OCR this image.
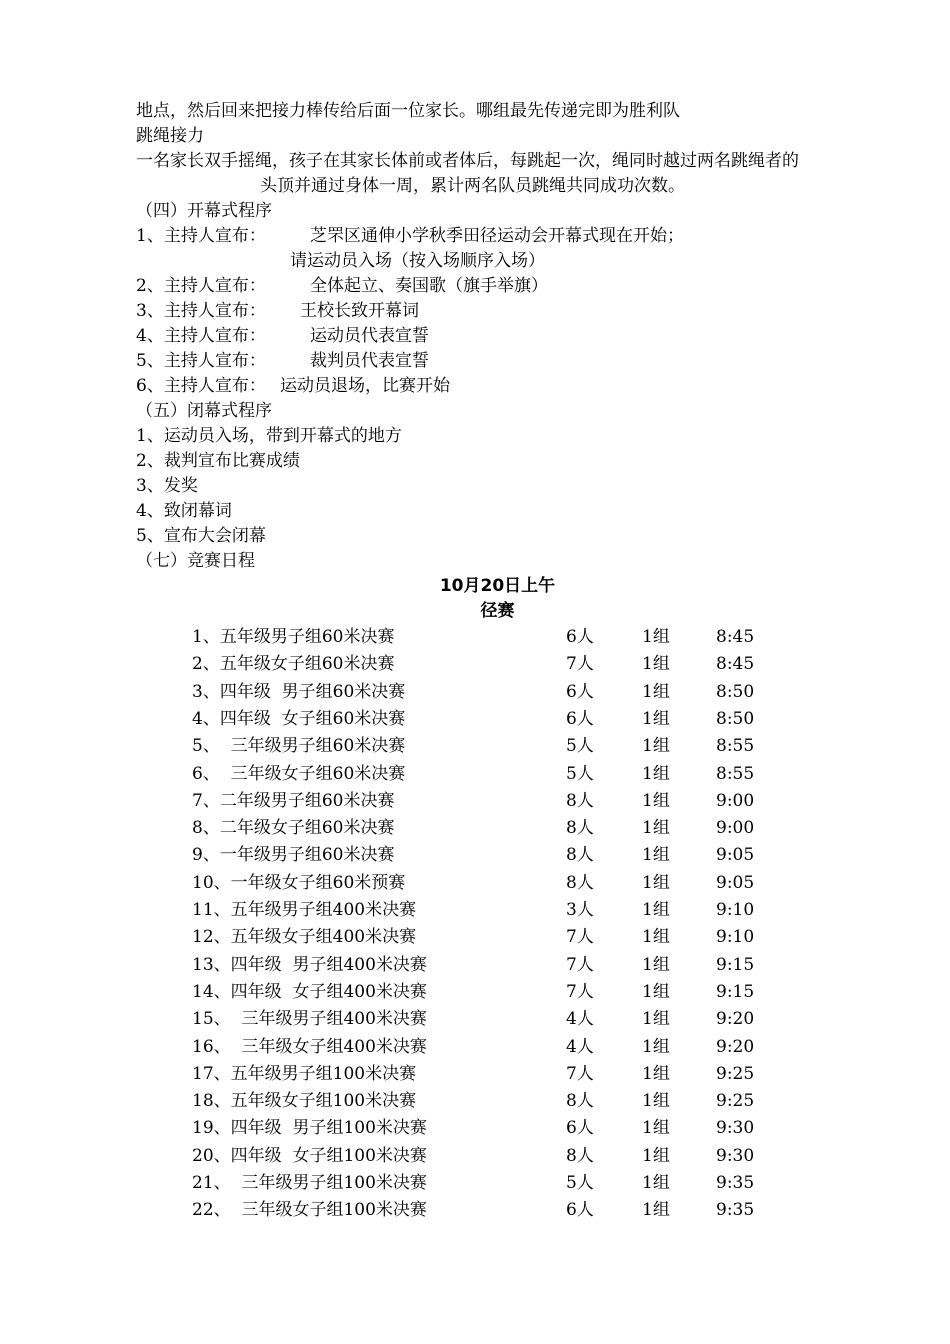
地点，然后回来把接力棒传给后面一位家长。哪组最先传递完即为胜利队
跳绳接力
一名家长双手摇绳，孩子在其家长体前或者体后，每跳起一次，绳同时越过两名跳绳者的
头顶并通过身体一周，累计两名队员跳绳共同成功次数。
（四）开幕式程序
1、主持人宣布：	芝罘区通伸小学秋季田径运动会开幕式现在开始；
请运动员入场（按入场顺序入场）
2、主持人宣布：	全体起立、奏国歌（旗手举旗）
3、主持人宣布： 王校长致开幕词
4、主持人宣布：	运动员代表宣誓
5、主持人宣布：	裁判员代表宣誓
6、主持人宣布： 运动员退场，比赛开始
（五）闭幕式程序
1、运动员入场，带到开幕式的地方
2、裁判宣布比赛成绩
3、发奖
4、致闭幕词
5、宣布大会闭幕
（七）竞赛日程
10月20日上午
径赛
1、五年级男子组60米决赛	6人	1组	8:45
2、五年级女子组60米决赛	7人	1组	8:45
3、四年级  男子组60米决赛	6人	1组	8:50
4、四年级  女子组60米决赛	6人	1组	8:50
5、  三年级男子组60米决赛	5人	1组	8:55
6、  三年级女子组60米决赛	5人	1组	8:55
7、二年级男子组60米决赛	8人	1组	9:00
8、二年级女子组60米决赛	8人	1组	9:00
9、一年级男子组60米决赛	8人	1组	9:05
10、一年级女子组60米预赛	8人	1组	9:05
11、五年级男子组400米决赛	3人	1组	9:10
12、五年级女子组400米决赛	7人	1组	9:10
13、四年级  男子组400米决赛	7人	1组	9:15
14、四年级  女子组400米决赛	7人	1组	9:15
15、  三年级男子组400米决赛	4人	1组	9:20
16、  三年级女子组400米决赛	4人	1组	9:20
17、五年级男子组100米决赛	7人	1组	9:25
18、五年级女子组100米决赛	8人	1组	9:25
19、四年级  男子组100米决赛	6人	1组	9:30
20、四年级  女子组100米决赛	8人	1组	9:30
21、  三年级男子组100米决赛	5人	1组	9:35
22、  三年级女子组100米决赛	6人	1组	9:35
